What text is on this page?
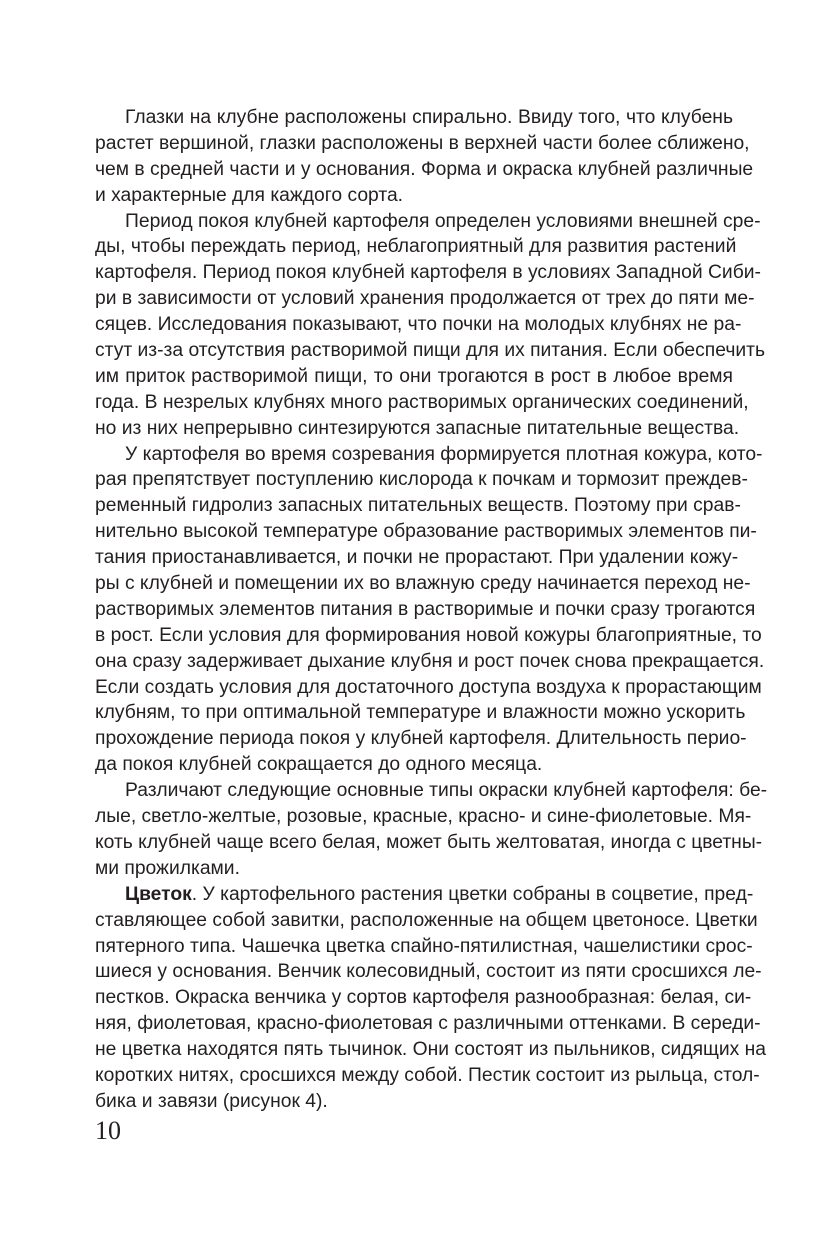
Глазки на клубне расположены спирально. Ввиду того, что клубень
растет вершиной, глазки расположены в верхней части более сближено,
чем в средней части и у основания. Форма и окраска клубней различные
и характерные для каждого сорта.
Период покоя клубней картофеля определен условиями внешней сре-
ды, чтобы переждать период, неблагоприятный для развития растений
картофеля. Период покоя клубней картофеля в условиях Западной Сиби-
ри в зависимости от условий хранения продолжается от трех до пяти ме-
сяцев. Исследования показывают, что почки на молодых клубнях не ра-
стут из-за отсутствия растворимой пищи для их питания. Если обеспечить
им приток растворимой пищи, то они трогаются в рост в любое время
года. В незрелых клубнях много растворимых органических соединений,
но из них непрерывно синтезируются запасные питательные вещества.
У картофеля во время созревания формируется плотная кожура, кото-
рая препятствует поступлению кислорода к почкам и тормозит преждев-
ременный гидролиз запасных питательных веществ. Поэтому при срав-
нительно высокой температуре образование растворимых элементов пи-
тания приостанавливается, и почки не прорастают. При удалении кожу-
ры с клубней и помещении их во влажную среду начинается переход не-
растворимых элементов питания в растворимые и почки сразу трогаются
в рост. Если условия для формирования новой кожуры благоприятные, то
она сразу задерживает дыхание клубня и рост почек снова прекращается.
Если создать условия для достаточного доступа воздуха к прорастающим
клубням, то при оптимальной температуре и влажности можно ускорить
прохождение периода покоя у клубней картофеля. Длительность перио-
да покоя клубней сокращается до одного месяца.
Различают следующие основные типы окраски клубней картофеля: бе-
лые, светло-желтые, розовые, красные, красно- и сине-фиолетовые. Мя-
коть клубней чаще всего белая, может быть желтоватая, иногда с цветны-
ми прожилками.
Цветок. У картофельного растения цветки собраны в соцветие, пред-
ставляющее собой завитки, расположенные на общем цветоносе. Цветки
пятерного типа. Чашечка цветка спайно-пятилистная, чашелистики срос-
шиеся у основания. Венчик колесовидный, состоит из пяти сросшихся ле-
пестков. Окраска венчика у сортов картофеля разнообразная: белая, си-
няя, фиолетовая, красно-фиолетовая с различными оттенками. В середи-
не цветка находятся пять тычинок. Они состоят из пыльников, сидящих на
коротких нитях, сросшихся между собой. Пестик состоит из рыльца, стол-
бика и завязи (рисунок 4).
10
